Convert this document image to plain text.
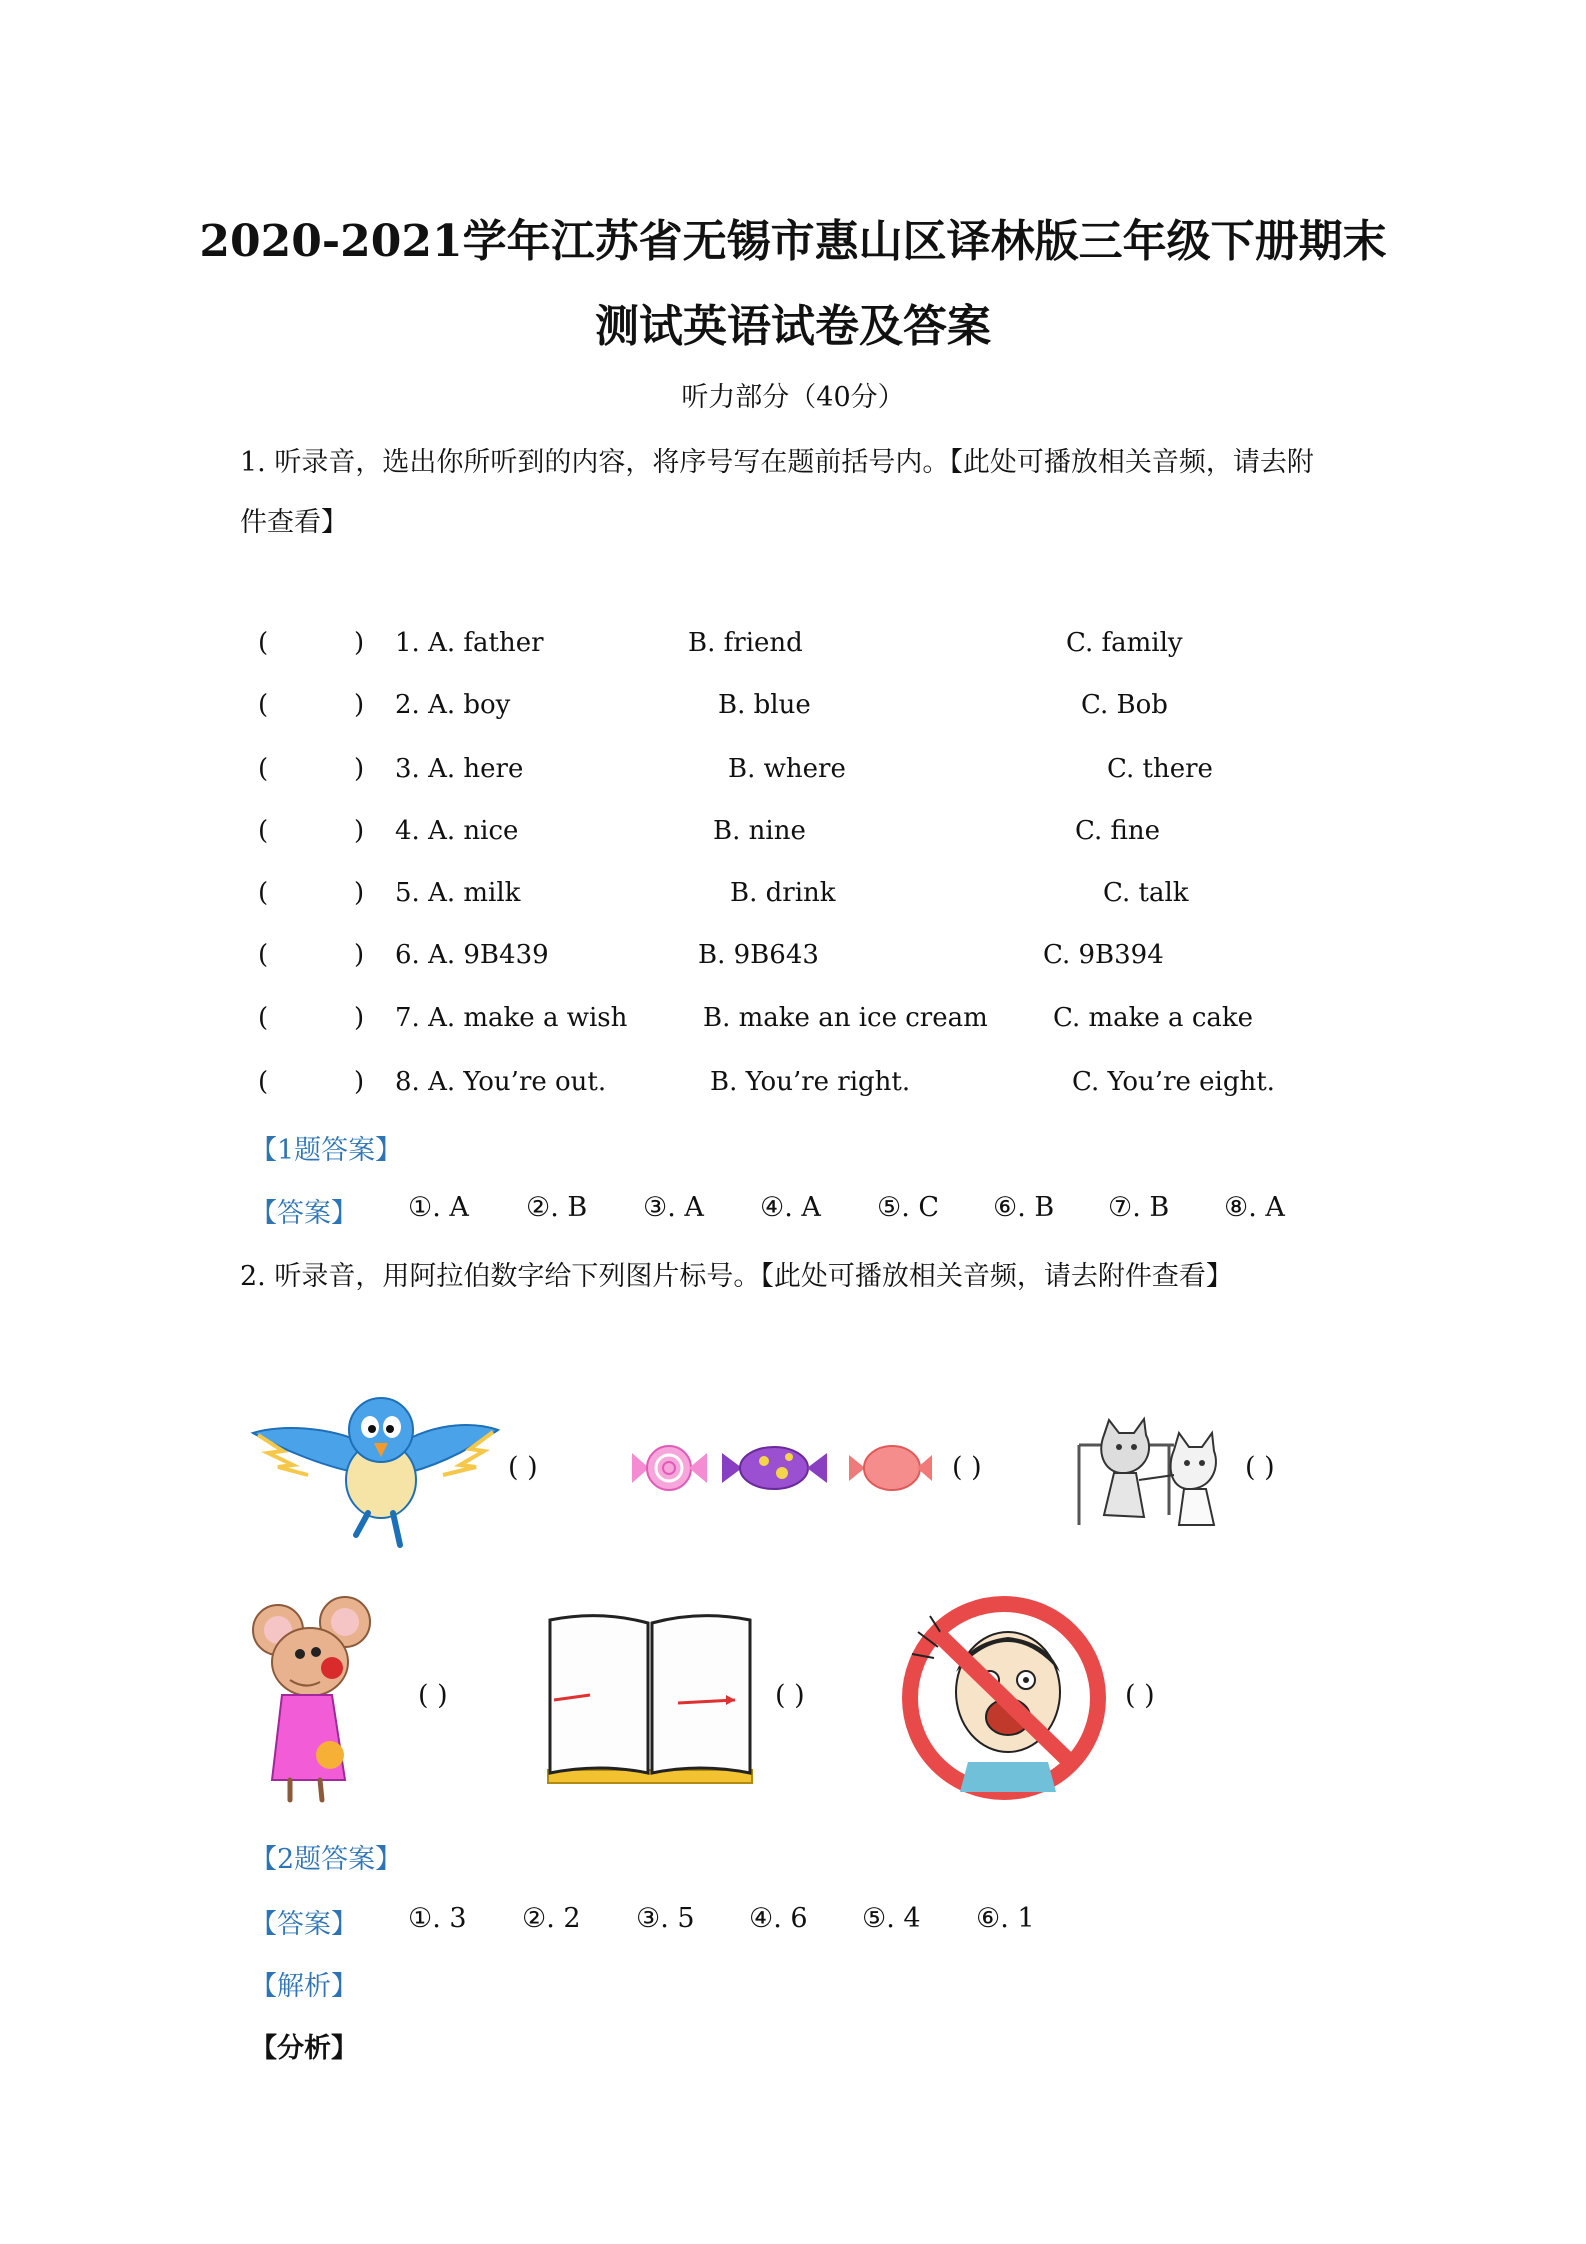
2020-2021学年江苏省无锡市惠山区译林版三年级下册期末
测试英语试卷及答案
听力部分（40分）
1. 听录音，选出你所听到的内容，将序号写在题前括号内。【此处可播放相关音频，请去附
件查看】
(	) 1. A. father	B. friend	C. family
(	) 2. A. boy	B. blue	C. Bob
(	) 3. A. here	B. where	C. there
(	) 4. A. nice	B. nine	C. fine
(	) 5. A. milk	B. drink	C. talk
(	) 6. A. 9B439	B. 9B643	C. 9B394
(	) 7. A. make a wish	B. make an ice cream	C. make a cake
(	) 8. A. You’re out.	B. You’re right.	C. You’re eight.
【1题答案】
【答案】 ①. A ②. B ③. A ④. A ⑤. C ⑥. B ⑦. B ⑧. A
2. 听录音，用阿拉伯数字给下列图片标号。【此处可播放相关音频，请去附件查看】
( )	( )	( )
( )	( )	( )
【2题答案】
【答案】 ①. 3 ②. 2 ③. 5 ④. 6 ⑤. 4 ⑥. 1
【解析】
【分析】
